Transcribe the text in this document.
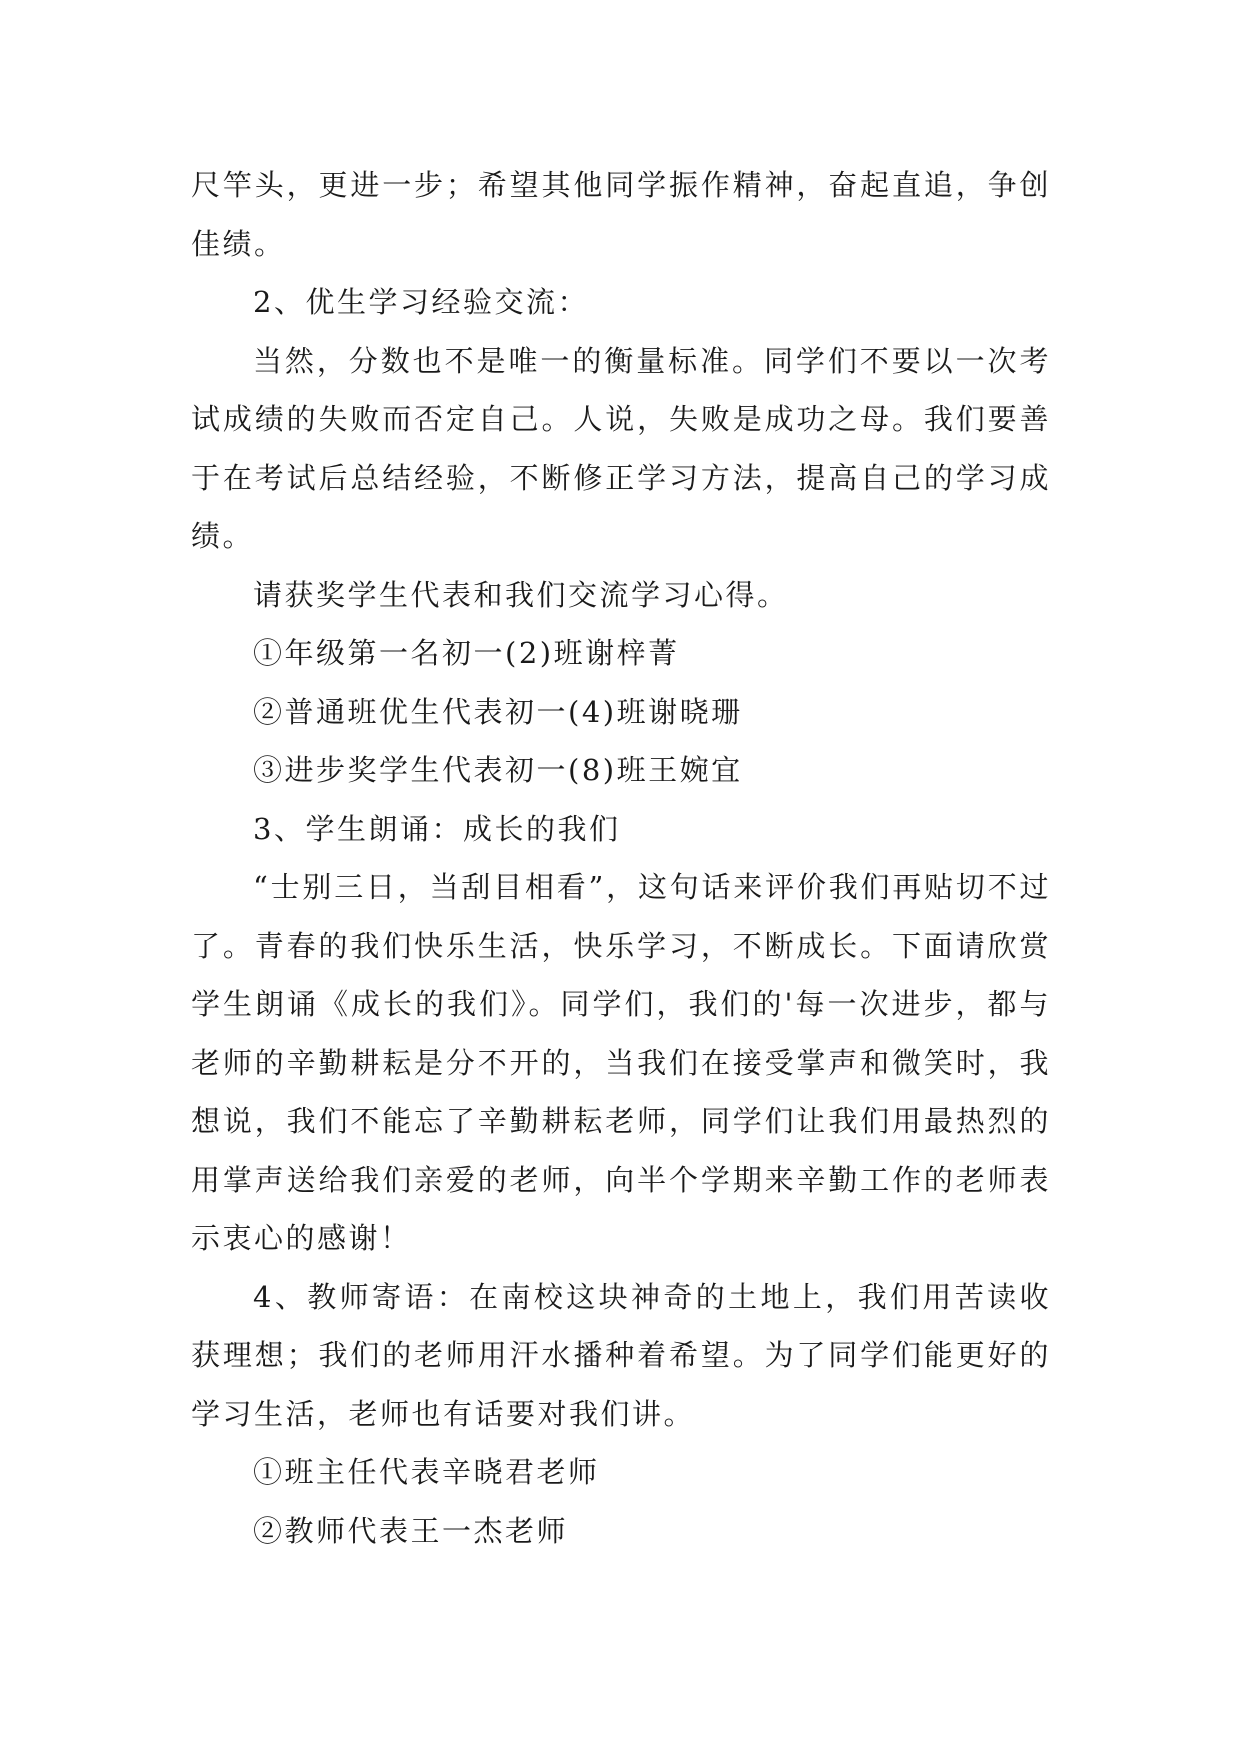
尺竿头，更进一步；希望其他同学振作精神，奋起直追，争创佳绩。

2、优生学习经验交流：

当然，分数也不是唯一的衡量标准。同学们不要以一次考试成绩的失败而否定自己。人说，失败是成功之母。我们要善于在考试后总结经验，不断修正学习方法，提高自己的学习成绩。

请获奖学生代表和我们交流学习心得。

①年级第一名初一(2)班谢梓菁

②普通班优生代表初一(4)班谢晓珊

③进步奖学生代表初一(8)班王婉宜

3、学生朗诵：成长的我们

“士别三日，当刮目相看”，这句话来评价我们再贴切不过了。青春的我们快乐生活，快乐学习，不断成长。下面请欣赏学生朗诵《成长的我们》。同学们，我们的'每一次进步，都与老师的辛勤耕耘是分不开的，当我们在接受掌声和微笑时，我想说，我们不能忘了辛勤耕耘老师，同学们让我们用最热烈的用掌声送给我们亲爱的老师，向半个学期来辛勤工作的老师表示衷心的感谢！

4、教师寄语：在南校这块神奇的土地上，我们用苦读收获理想；我们的老师用汗水播种着希望。为了同学们能更好的学习生活，老师也有话要对我们讲。

①班主任代表辛晓君老师

②教师代表王一杰老师
